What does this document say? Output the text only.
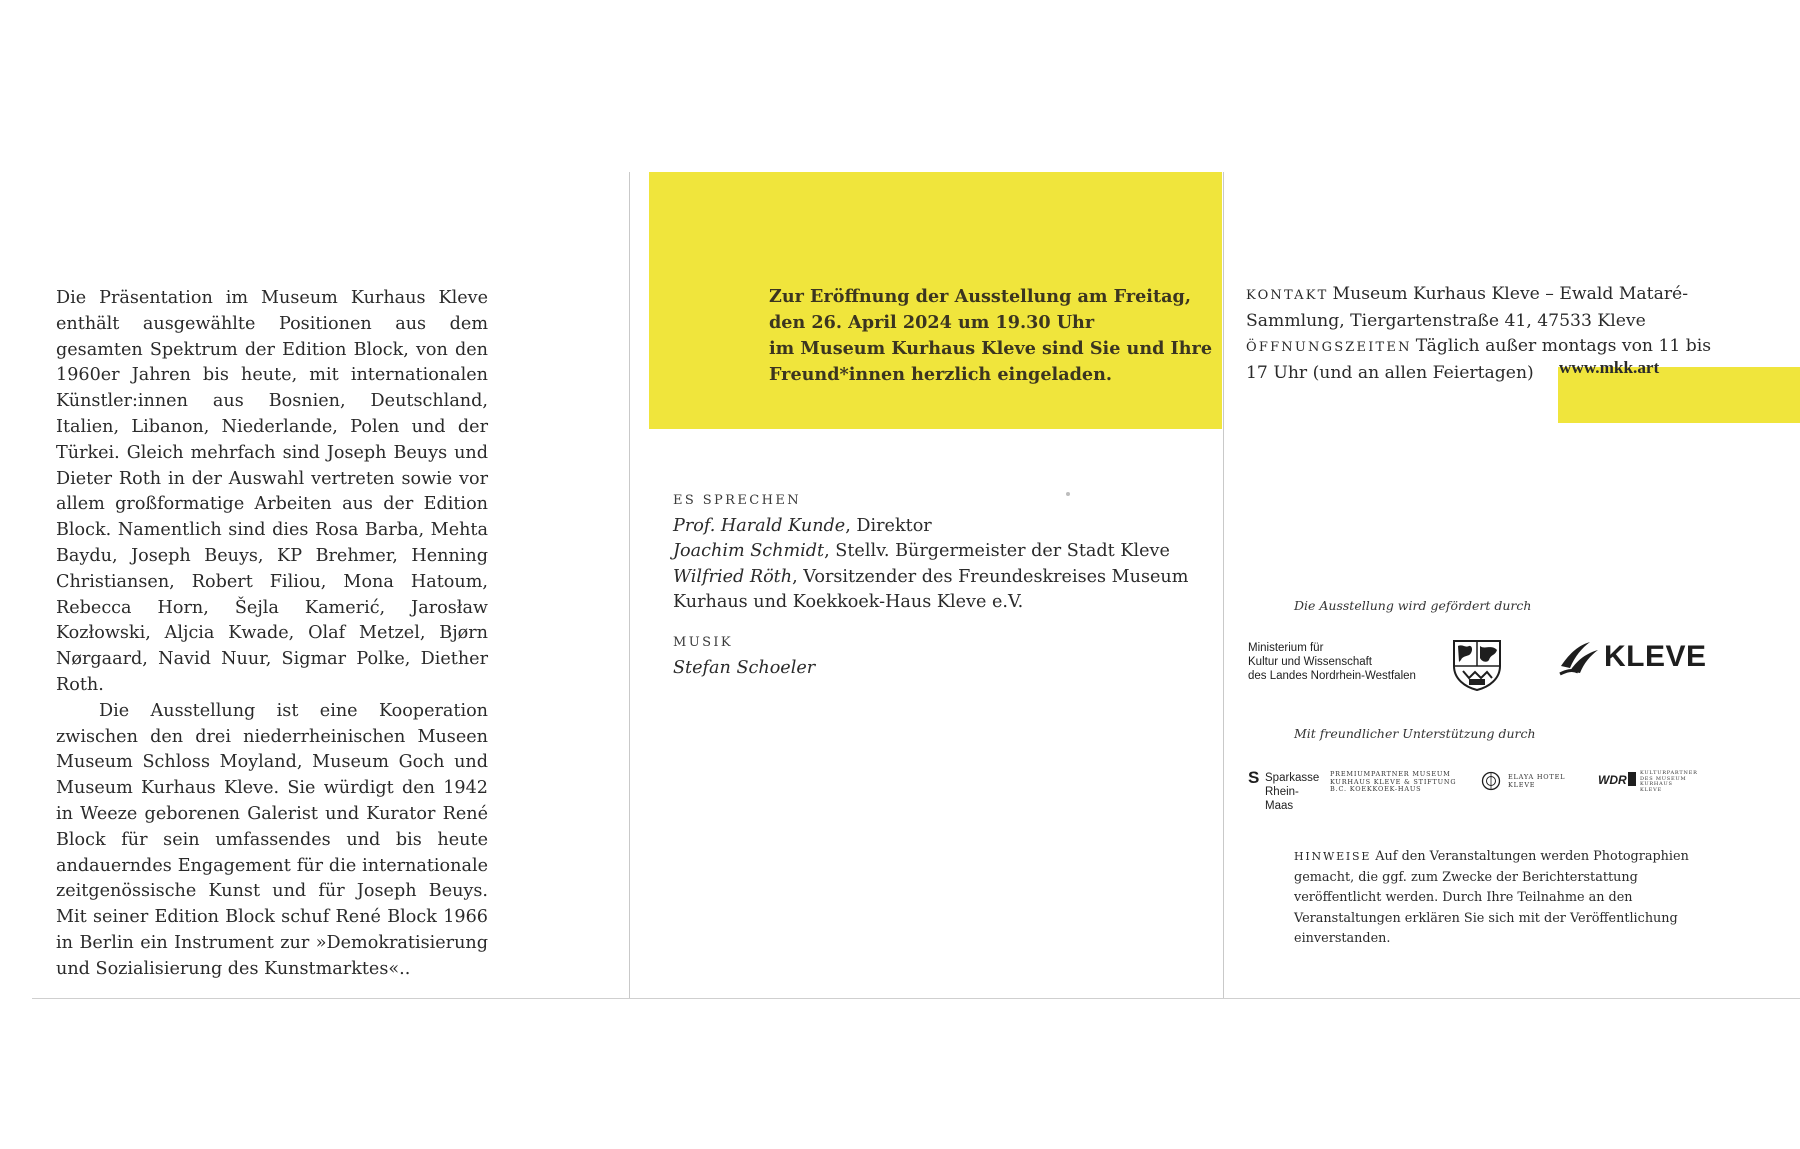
Die Präsentation im Museum Kurhaus Kleve enthält ausgewählte Positionen aus dem gesamten Spektrum der Edition Block, von den 1960er Jahren bis heute, mit internationalen Künstler:innen aus Bosnien, Deutschland, Italien, Libanon, Niederlande, Polen und der Türkei. Gleich mehrfach sind Joseph Beuys und Dieter Roth in der Auswahl vertreten sowie vor allem großformatige Arbeiten aus der Edition Block. Namentlich sind dies Rosa Barba, Mehta Baydu, Joseph Beuys, KP Brehmer, Henning Christiansen, Robert Filiou, Mona Hatoum, Rebecca Horn, Šejla Kamerić, Jarosław Kozłowski, Aljcia Kwade, Olaf Metzel, Bjørn Nørgaard, Navid Nuur, Sigmar Polke, Diether Roth.

Die Ausstellung ist eine Kooperation zwischen den drei niederrheinischen Museen Museum Schloss Moyland, Museum Goch und Museum Kurhaus Kleve. Sie würdigt den 1942 in Weeze geborenen Galerist und Kurator René Block für sein umfassendes und bis heute andauerndes Engagement für die internationale zeitgenössische Kunst und für Joseph Beuys. Mit seiner Edition Block schuf René Block 1966 in Berlin ein Instrument zur »Demokratisierung und Sozialisierung des Kunstmarktes«..

Zur Eröffnung der Ausstellung am Freitag,
den 26. April 2024 um 19.30 Uhr
im Museum Kurhaus Kleve sind Sie und Ihre
Freund*innen herzlich eingeladen.
ES SPRECHEN
Prof. Harald Kunde, Direktor
Joachim Schmidt, Stellv. Bürgermeister der Stadt Kleve
Wilfried Röth, Vorsitzender des Freundeskreises Museum
Kurhaus und Koekkoek-Haus Kleve e.V.
MUSIK
Stefan Schoeler
KONTAKT Museum Kurhaus Kleve – Ewald Mataré-
Sammlung, Tiergartenstraße 41, 47533 Kleve
ÖFFNUNGSZEITEN Täglich außer montags von 11 bis
17 Uhr (und an allen Feiertagen)	www.mkk.art
Die Ausstellung wird gefördert durch
Ministerium für
Kultur und Wissenschaft
des Landes Nordrhein-Westfalen
KLEVE
Mit freundlicher Unterstützung durch
S Sparkasse
Rhein-Maas
PREMIUMPARTNER MUSEUM
KURHAUS KLEVE & STIFTUNG
B.C. KOEKKOEK-HAUS
ELAYA HOTEL
KLEVE	WDR	KULTURPARTNER
DES MUSEUM KURHAUS
KLEVE
HINWEISE Auf den Veranstaltungen werden Photographien gemacht, die ggf. zum Zwecke der Berichterstattung veröffentlicht werden. Durch Ihre Teilnahme an den Veranstaltungen erklären Sie sich mit der Veröffentlichung einverstanden.
